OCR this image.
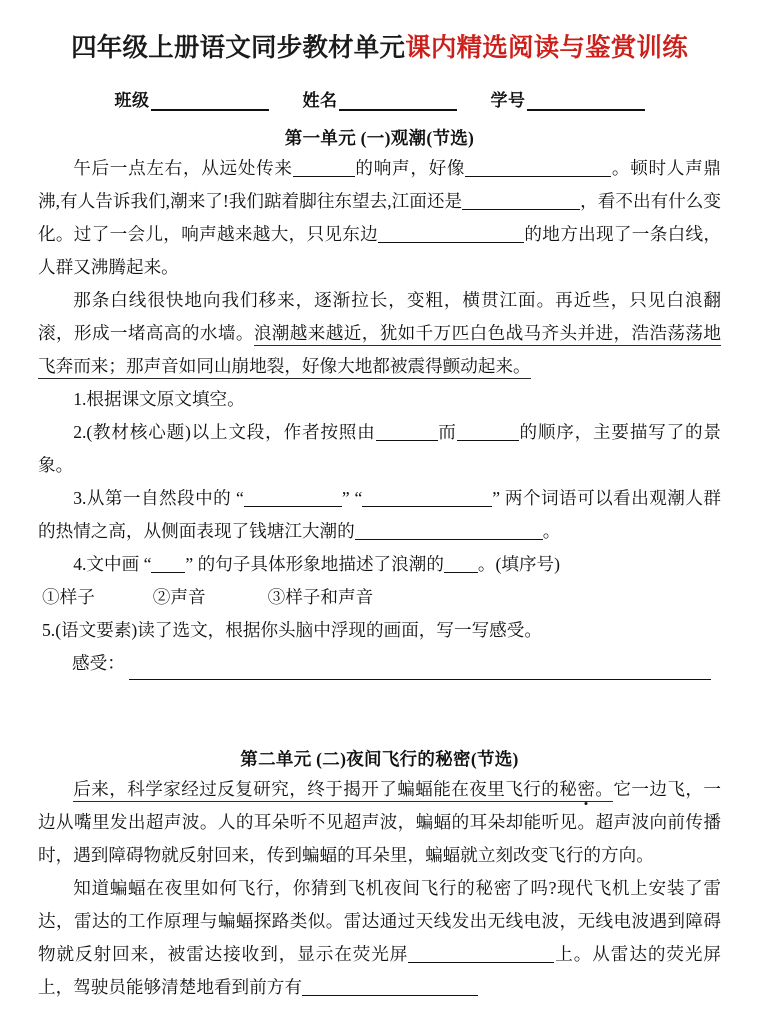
四年级上册语文同步教材单元课内精选阅读与鉴赏训练
班级	姓名	学号
第一单元 (一)观潮(节选)

午后一点左右，从远处传来	的响声，好像	。顿时人声鼎沸,有人告诉我们,潮来了!我们踮着脚往东望去,江面还是	，看不出有什么变化。过了一会儿，响声越来越大，只见东边	的地方出现了一条白线，人群又沸腾起来。

那条白线很快地向我们移来，逐渐拉长，变粗，横贯江面。再近些，只见白浪翻滚，形成一堵高高的水墙。浪潮越来越近，犹如千万匹白色战马齐头并进，浩浩荡荡地飞奔而来；那声音如同山崩地裂，好像大地都被震得颤动起来。

1.根据课文原文填空。

2.(教材核心题)以上文段，作者按照由	而	的顺序，主要描写了的景象。

3.从第一自然段中的 “	” “	” 两个词语可以看出观潮人群的热情之高，从侧面表现了钱塘江大潮的	。

4.文中画 “ ” 的句子具体形象地描述了浪潮的 。(填序号)

①样子	②声音	③样子和声音

5.(语文要素)读了选文，根据你头脑中浮现的画面，写一写感受。

感受：
第二单元 (二)夜间飞行的秘密(节选)

后来，科学家经过反复研究，终于揭开了蝙蝠能在夜里飞行的秘密。它一边飞，一边从嘴里发出超声波。人的耳朵听不见超声波，蝙蝠的耳朵却能听见。超声波向前传播时，遇到障碍物就反射回来，传到蝙蝠的耳朵里，蝙蝠就立刻改变飞行的方向。

知道蝙蝠在夜里如何飞行，你猜到飞机夜间飞行的秘密了吗?现代飞机上安装了雷达，雷达的工作原理与蝙蝠探路类似。雷达通过天线发出无线电波，无线电波遇到障碍物就反射回来，被雷达接收到，显示在荧光屏	上。从雷达的荧光屏上，驾驶员能够清楚地看到前方有
